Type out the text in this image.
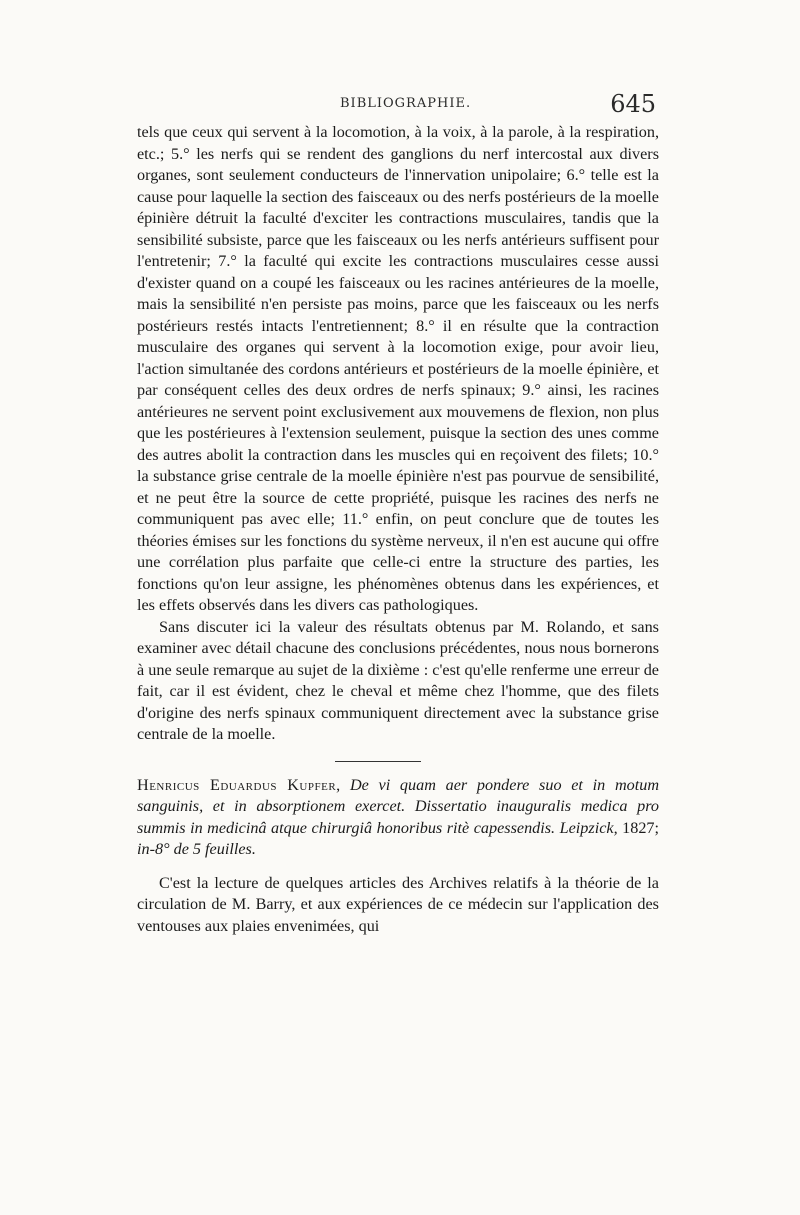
BIBLIOGRAPHIE.	645

tels que ceux qui servent à la locomotion, à la voix, à la parole, à la respiration, etc.; 5.° les nerfs qui se rendent des ganglions du nerf intercostal aux divers organes, sont seulement conducteurs de l'innervation unipolaire; 6.° telle est la cause pour laquelle la section des faisceaux ou des nerfs postérieurs de la moelle épinière détruit la faculté d'exciter les contractions musculaires, tandis que la sensibilité subsiste, parce que les faisceaux ou les nerfs antérieurs suffisent pour l'entretenir; 7.° la faculté qui excite les contractions musculaires cesse aussi d'exister quand on a coupé les faisceaux ou les racines antérieures de la moelle, mais la sensibilité n'en persiste pas moins, parce que les faisceaux ou les nerfs postérieurs restés intacts l'entretiennent; 8.° il en résulte que la contraction musculaire des organes qui servent à la locomotion exige, pour avoir lieu, l'action simultanée des cordons antérieurs et postérieurs de la moelle épinière, et par conséquent celles des deux ordres de nerfs spinaux; 9.° ainsi, les racines antérieures ne servent point exclusivement aux mouvemens de flexion, non plus que les postérieures à l'extension seulement, puisque la section des unes comme des autres abolit la contraction dans les muscles qui en reçoivent des filets; 10.° la substance grise centrale de la moelle épinière n'est pas pourvue de sensibilité, et ne peut être la source de cette propriété, puisque les racines des nerfs ne communiquent pas avec elle; 11.° enfin, on peut conclure que de toutes les théories émises sur les fonctions du système nerveux, il n'en est aucune qui offre une corrélation plus parfaite que celle-ci entre la structure des parties, les fonctions qu'on leur assigne, les phénomènes obtenus dans les expériences, et les effets observés dans les divers cas pathologiques.

Sans discuter ici la valeur des résultats obtenus par M. Rolando, et sans examiner avec détail chacune des conclusions précédentes, nous nous bornerons à une seule remarque au sujet de la dixième : c'est qu'elle renferme une erreur de fait, car il est évident, chez le cheval et même chez l'homme, que des filets d'origine des nerfs spinaux communiquent directement avec la substance grise centrale de la moelle.

Henricus Eduardus Kupfer, De vi quam aer pondere suo et in motum sanguinis, et in absorptionem exercet. Dissertatio inauguralis medica pro summis in medicinâ atque chirurgiâ honoribus ritè capessendis. Leipzick, 1827; in-8° de 5 feuilles.

C'est la lecture de quelques articles des Archives relatifs à la théorie de la circulation de M. Barry, et aux expériences de ce médecin sur l'application des ventouses aux plaies envenimées, qui
